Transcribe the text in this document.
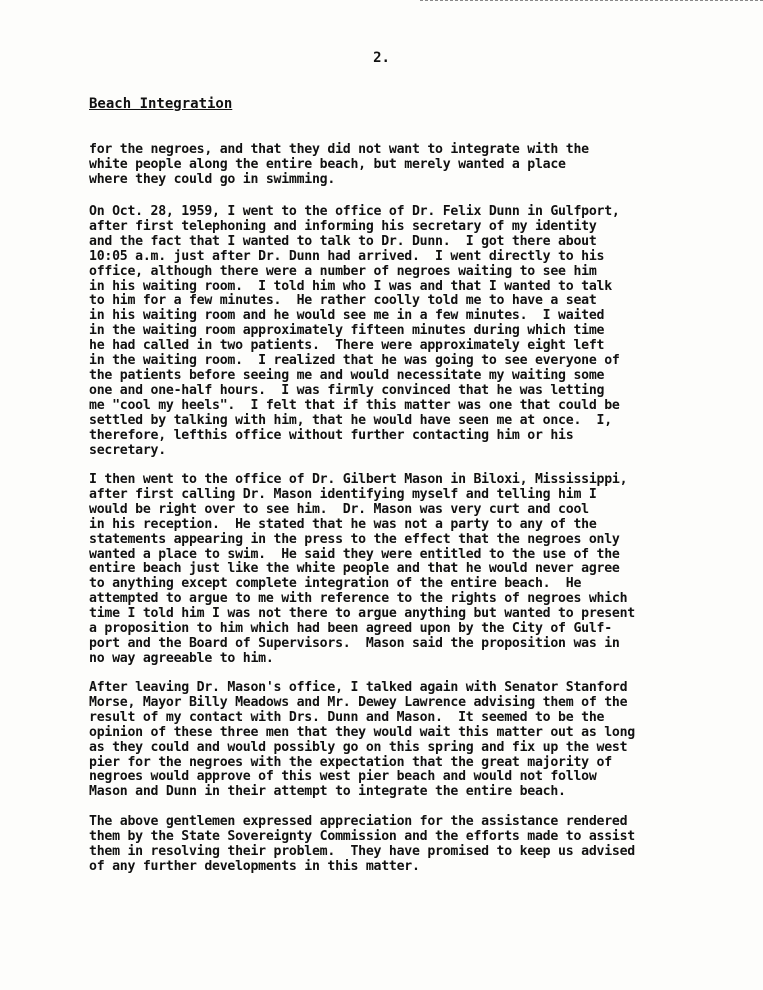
2.
Beach Integration
for the negroes, and that they did not want to integrate with the
white people along the entire beach, but merely wanted a place
where they could go in swimming.
On Oct. 28, 1959, I went to the office of Dr. Felix Dunn in Gulfport,
after first telephoning and informing his secretary of my identity
and the fact that I wanted to talk to Dr. Dunn.  I got there about
10:05 a.m. just after Dr. Dunn had arrived.  I went directly to his
office, although there were a number of negroes waiting to see him
in his waiting room.  I told him who I was and that I wanted to talk
to him for a few minutes.  He rather coolly told me to have a seat
in his waiting room and he would see me in a few minutes.  I waited
in the waiting room approximately fifteen minutes during which time
he had called in two patients.  There were approximately eight left
in the waiting room.  I realized that he was going to see everyone of
the patients before seeing me and would necessitate my waiting some
one and one-half hours.  I was firmly convinced that he was letting
me "cool my heels".  I felt that if this matter was one that could be
settled by talking with him, that he would have seen me at once.  I,
therefore, lefthis office without further contacting him or his
secretary.
I then went to the office of Dr. Gilbert Mason in Biloxi, Mississippi,
after first calling Dr. Mason identifying myself and telling him I
would be right over to see him.  Dr. Mason was very curt and cool
in his reception.  He stated that he was not a party to any of the
statements appearing in the press to the effect that the negroes only
wanted a place to swim.  He said they were entitled to the use of the
entire beach just like the white people and that he would never agree
to anything except complete integration of the entire beach.  He
attempted to argue to me with reference to the rights of negroes which
time I told him I was not there to argue anything but wanted to present
a proposition to him which had been agreed upon by the City of Gulf-
port and the Board of Supervisors.  Mason said the proposition was in
no way agreeable to him.
After leaving Dr. Mason's office, I talked again with Senator Stanford
Morse, Mayor Billy Meadows and Mr. Dewey Lawrence advising them of the
result of my contact with Drs. Dunn and Mason.  It seemed to be the
opinion of these three men that they would wait this matter out as long
as they could and would possibly go on this spring and fix up the west
pier for the negroes with the expectation that the great majority of
negroes would approve of this west pier beach and would not follow
Mason and Dunn in their attempt to integrate the entire beach.
The above gentlemen expressed appreciation for the assistance rendered
them by the State Sovereignty Commission and the efforts made to assist
them in resolving their problem.  They have promised to keep us advised
of any further developments in this matter.
